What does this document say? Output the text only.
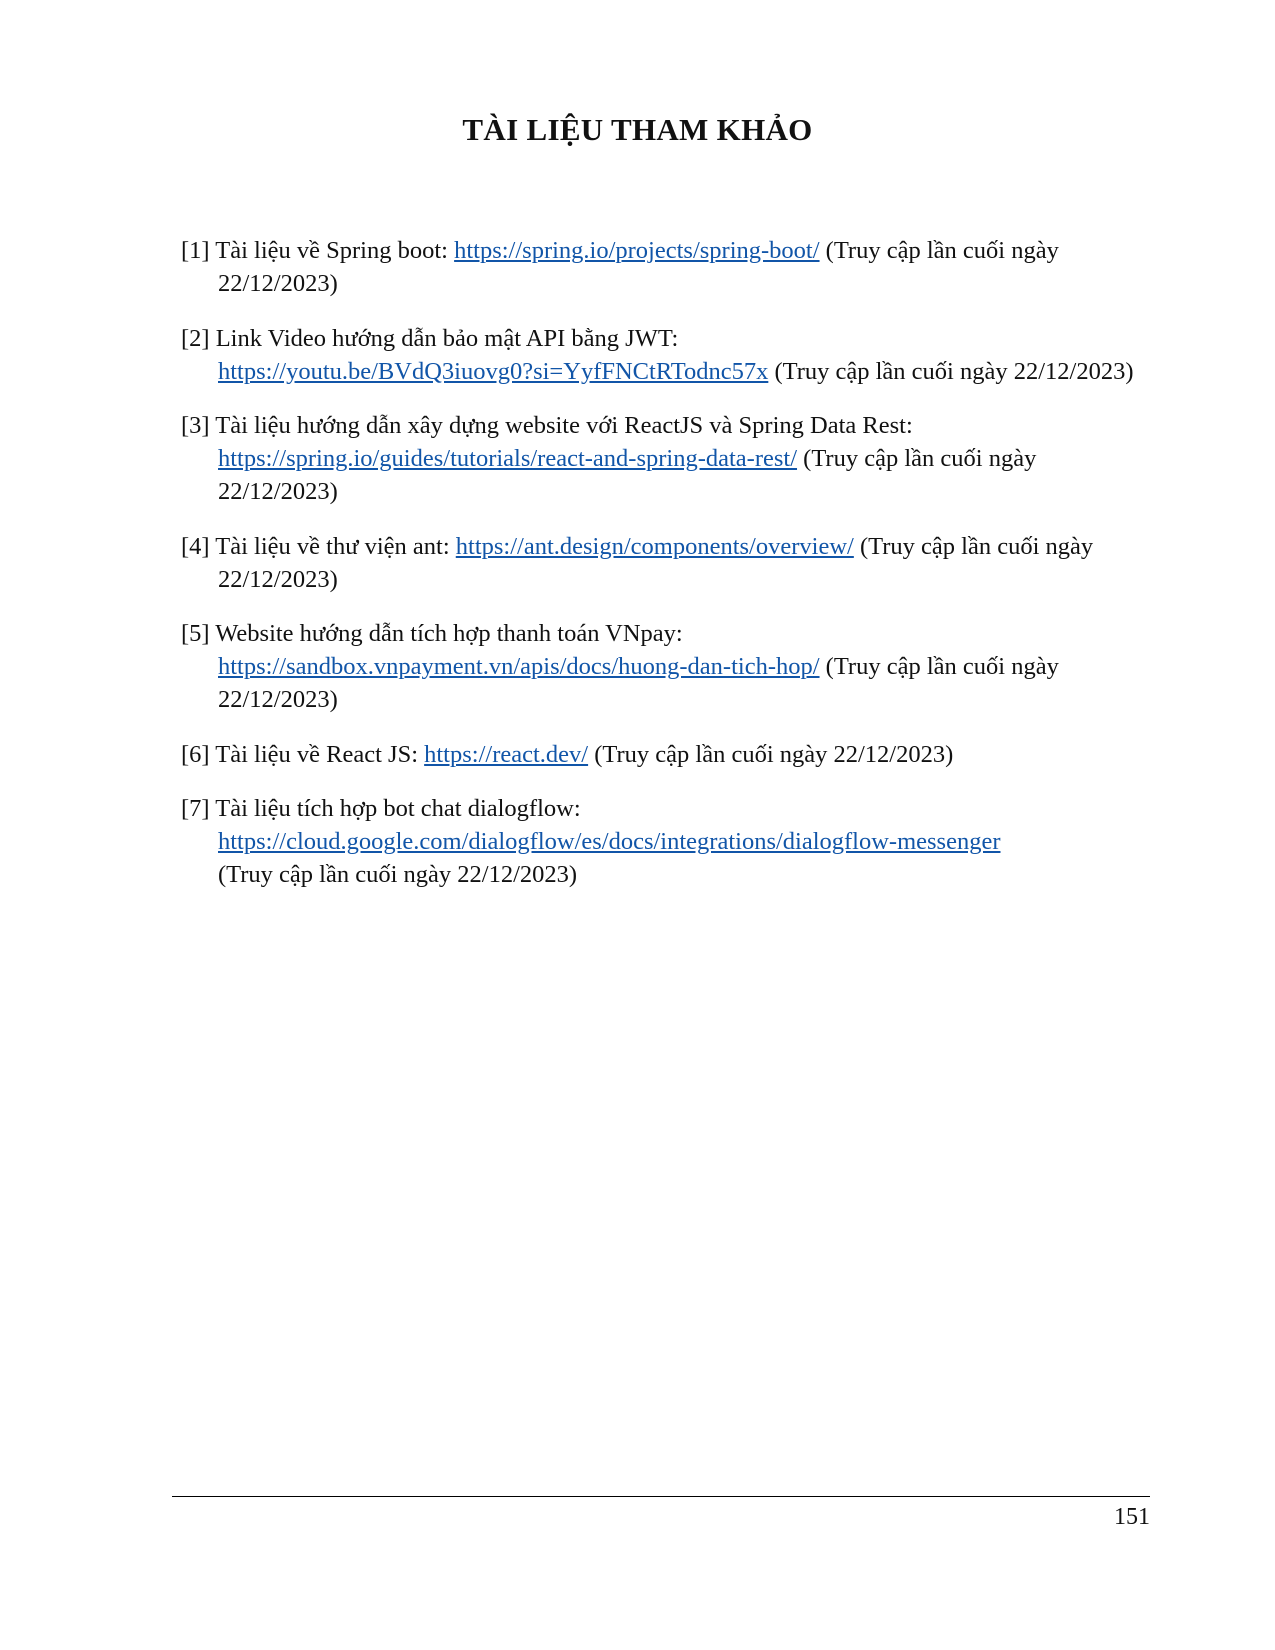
TÀI LIỆU THAM KHẢO
[1] Tài liệu về Spring boot: https://spring.io/projects/spring-boot/ (Truy cập lần cuối ngày 22/12/2023)
[2] Link Video hướng dẫn bảo mật API bằng JWT:
https://youtu.be/BVdQ3iuovg0?si=YyfFNCtRTodnc57x (Truy cập lần cuối ngày 22/12/2023)
[3] Tài liệu hướng dẫn xây dựng website với ReactJS và Spring Data Rest:
https://spring.io/guides/tutorials/react-and-spring-data-rest/ (Truy cập lần cuối ngày 22/12/2023)
[4] Tài liệu về thư viện ant: https://ant.design/components/overview/ (Truy cập lần cuối ngày 22/12/2023)
[5] Website hướng dẫn tích hợp thanh toán VNpay:
https://sandbox.vnpayment.vn/apis/docs/huong-dan-tich-hop/ (Truy cập lần cuối ngày 22/12/2023)
[6] Tài liệu về React JS: https://react.dev/ (Truy cập lần cuối ngày 22/12/2023)
[7] Tài liệu tích hợp bot chat dialogflow:
https://cloud.google.com/dialogflow/es/docs/integrations/dialogflow-messenger
(Truy cập lần cuối ngày 22/12/2023)
151
